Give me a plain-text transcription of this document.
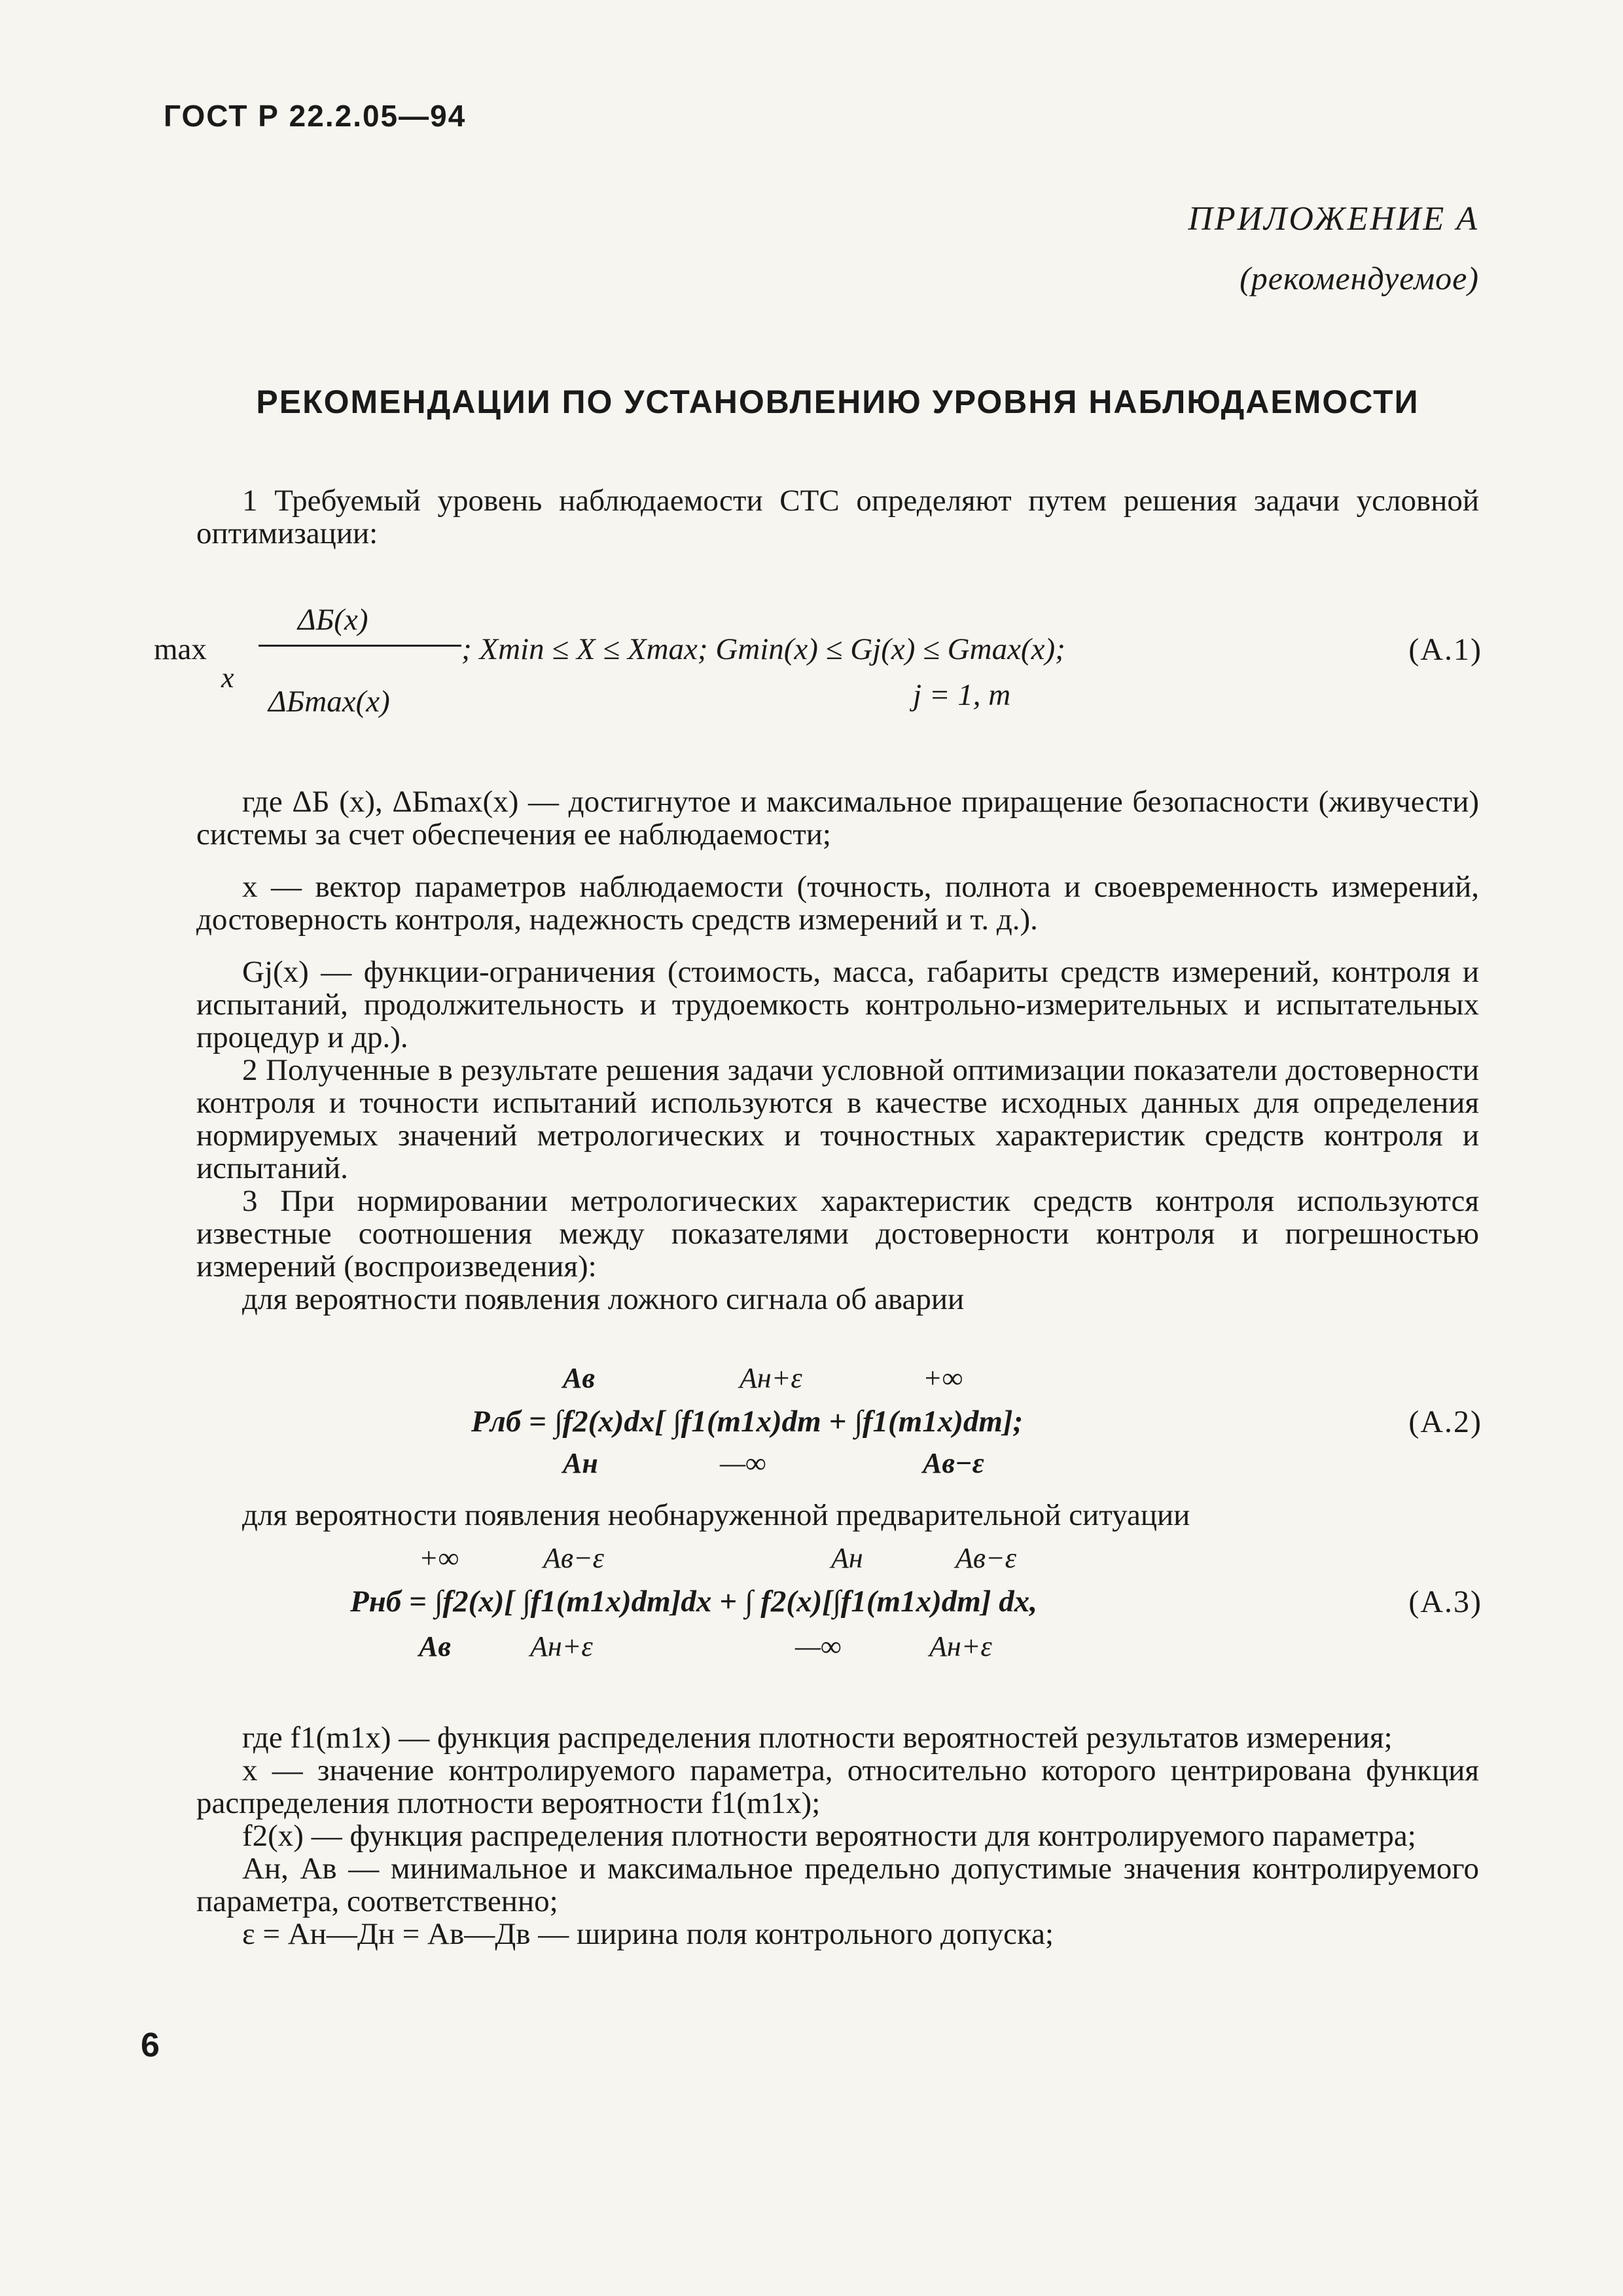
ГОСТ Р 22.2.05—94
ПРИЛОЖЕНИЕ А
(рекомендуемое)
РЕКОМЕНДАЦИИ ПО УСТАНОВЛЕНИЮ УРОВНЯ НАБЛЮДАЕМОСТИ

1 Требуемый уровень наблюдаемости СТС определяют путем решения задачи условной оптимизации:

max
x
ΔБ(x)
ΔБmax(x)
; Xmin ≤ X ≤ Xmax; Gmin(x) ≤ Gj(x) ≤ Gmax(x);
j = 1, m
(А.1)

где ΔБ (x), ΔБmax(x) — достигнутое и максимальное приращение безопасности (живучести) системы за счет обеспечения ее наблюдаемости;

x — вектор параметров наблюдаемости (точность, полнота и своевременность измерений, достоверность контроля, надежность средств измерений и т. д.).

Gj(x) — функции-ограничения (стоимость, масса, габариты средств измерений, контроля и испытаний, продолжительность и трудоемкость контрольно-измерительных и испытательных процедур и др.).

2 Полученные в результате решения задачи условной оптимизации показатели достоверности контроля и точности испытаний используются в качестве исходных данных для определения нормируемых значений метрологических и точностных характеристик средств контроля и испытаний.

3 При нормировании метрологических характеристик средств контроля используются известные соотношения между показателями достоверности контроля и погрешностью измерений (воспроизведения):

для вероятности появления ложного сигнала об аварии

Aв	Aн+ε	+∞
Pлб = ∫f2(x)dx[ ∫f1(m1x)dm + ∫f1(m1x)dm];
Aн	—∞	Aв−ε
(А.2)

для вероятности появления необнаруженной предварительной ситуации

+∞	Aв−ε	Aн	Aв−ε
Pнб = ∫f2(x)[ ∫f1(m1x)dm]dx + ∫ f2(x)[∫f1(m1x)dm] dx,
Aв	Aн+ε	—∞	Aн+ε
(А.3)

где f1(m1x) — функция распределения плотности вероятностей результатов измерения;

x — значение контролируемого параметра, относительно которого центрирована функция распределения плотности вероятности f1(m1x);

f2(x) — функция распределения плотности вероятности для контролируемого параметра;

Aн, Aв — минимальное и максимальное предельно допустимые значения контролируемого параметра, соответственно;

ε = Aн—Дн = Aв—Дв — ширина поля контрольного допуска;

6
